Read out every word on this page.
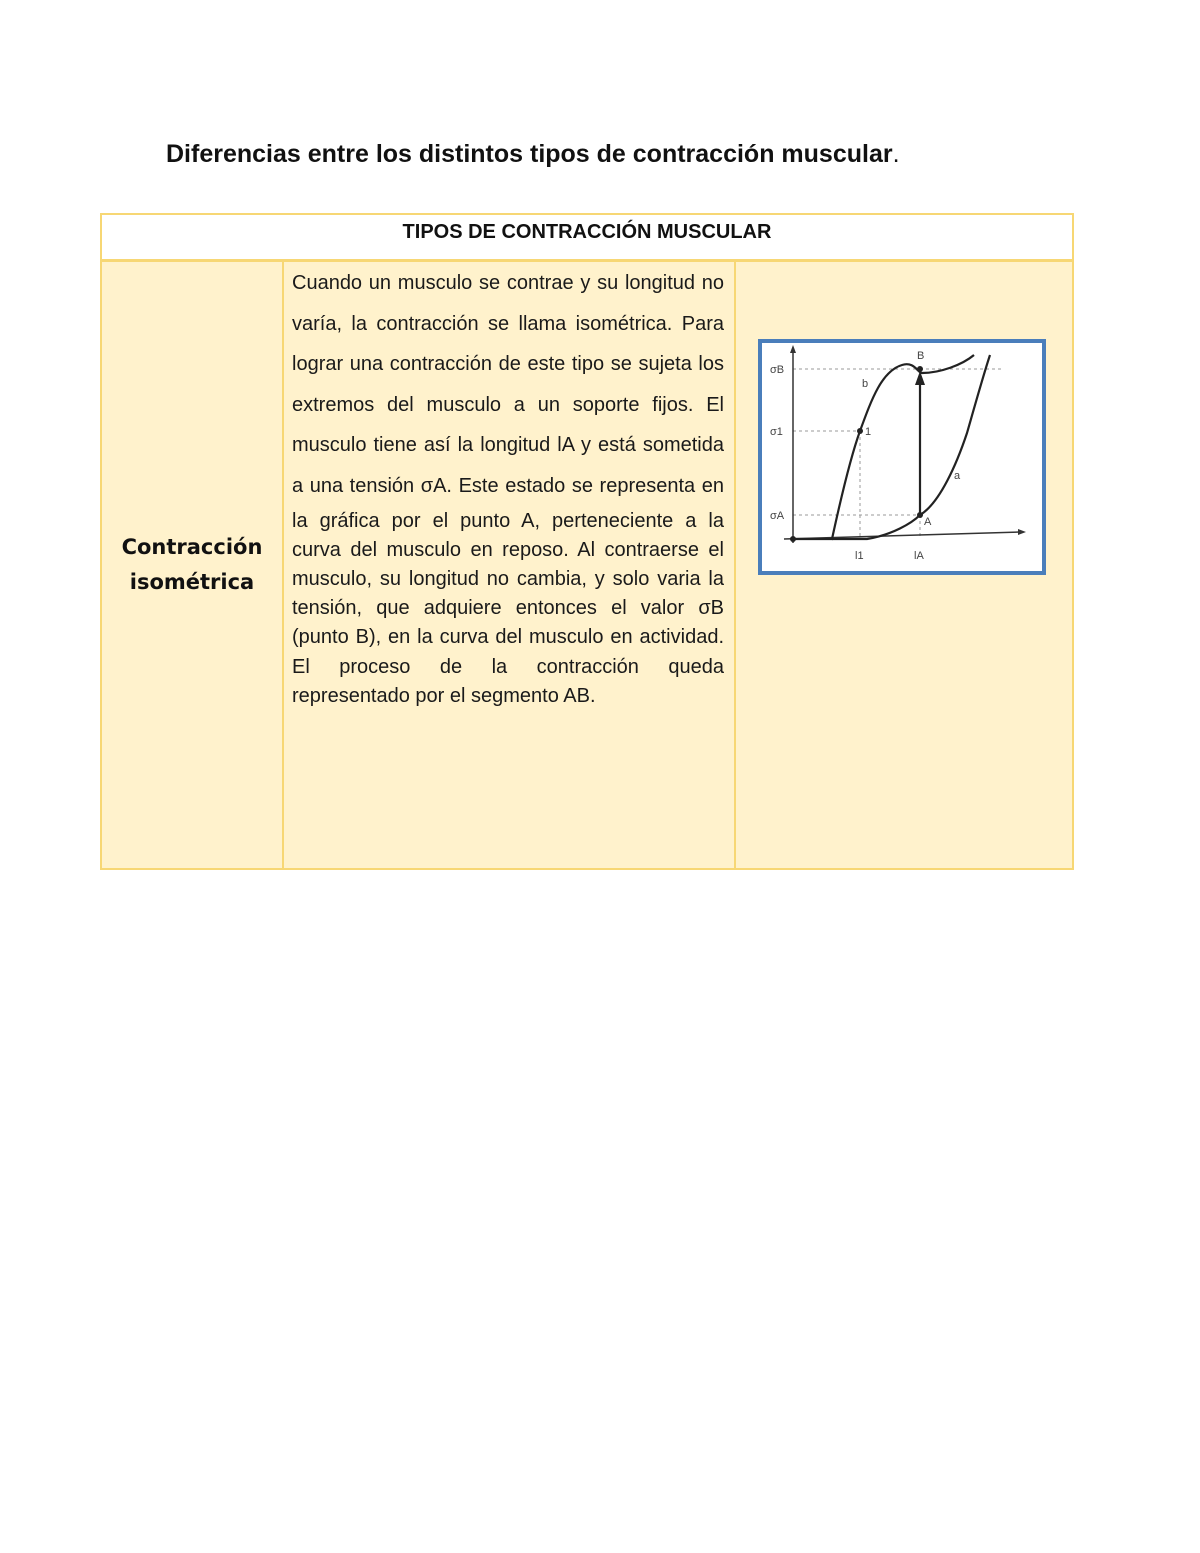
Diferencias entre los distintos tipos de contracción muscular.
TIPOS DE CONTRACCIÓN MUSCULAR
Contracción
isométrica
Cuando un musculo se contrae y su longitud no varía, la contracción se llama isométrica. Para lograr una contracción de este tipo se sujeta los extremos del musculo a un soporte fijos. El musculo tiene así la longitud lA y está sometida a una tensión σA. Este estado se representa en la gráfica por el punto A, perteneciente a la curva del musculo en reposo. Al contraerse el musculo, su longitud no cambia, y solo varia la tensión, que adquiere entonces el valor σB (punto B), en la curva del musculo en actividad. El proceso de la contracción queda representado por el segmento AB.
σB
σ1
σA
B
1
A
b
a
l1	lA
